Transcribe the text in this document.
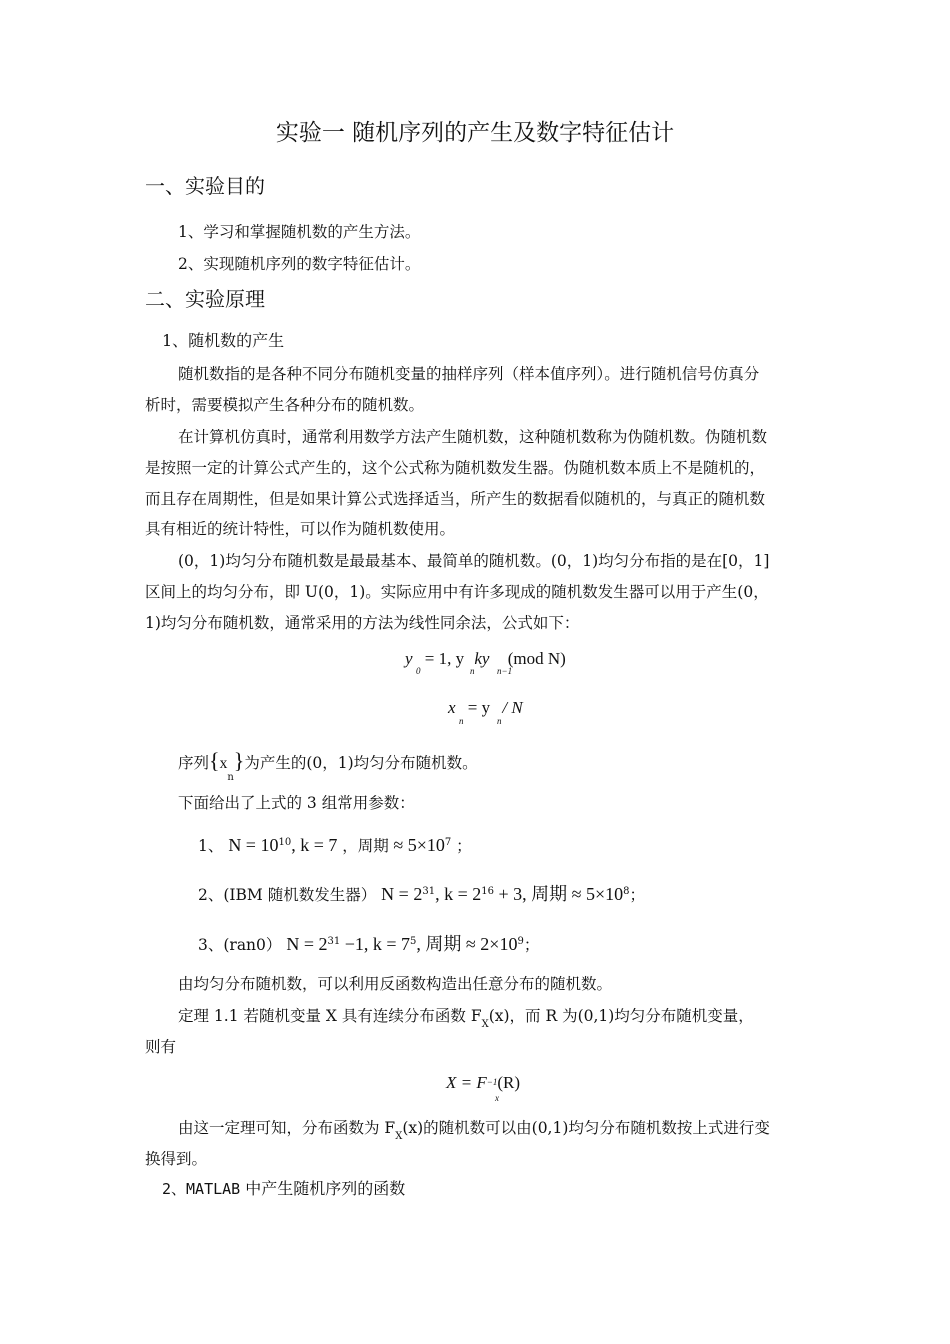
实验一 随机序列的产生及数字特征估计
一、实验目的
1、学习和掌握随机数的产生方法。
2、实现随机序列的数字特征估计。
二、实验原理
1、随机数的产生
随机数指的是各种不同分布随机变量的抽样序列（样本值序列）。进行随机信号仿真分
析时，需要模拟产生各种分布的随机数。
在计算机仿真时，通常利用数学方法产生随机数，这种随机数称为伪随机数。伪随机数
是按照一定的计算公式产生的，这个公式称为随机数发生器。伪随机数本质上不是随机的，
而且存在周期性，但是如果计算公式选择适当，所产生的数据看似随机的，与真正的随机数
具有相近的统计特性，可以作为随机数使用。
(0，1)均匀分布随机数是最最基本、最简单的随机数。(0，1)均匀分布指的是在[0，1]
区间上的均匀分布，即 U(0，1)。实际应用中有许多现成的随机数发生器可以用于产生(0，
1)均匀分布随机数，通常采用的方法为线性同余法，公式如下：
y
0
= 1, y
n
ky
n−1
(mod N)
x
n
= y
n
/ N
序列$\{x_n\}$为产生的(0，1)均匀分布随机数。
下面给出了上式的 3 组常用参数：
1、 $N = 10^{10}$, k = 7 ，周期 ≈ $5\times 10^7$ ；
2、(IBM 随机数发生器） $N = 2^{31}$, $k = 2^{16} + 3$, 周期 ≈ $5\times 10^8$；
3、(ran0） $N = 2^{31} -1$, $k = 7^5$, 周期 ≈ $2\times 10^9$；
由均匀分布随机数，可以利用反函数构造出任意分布的随机数。
定理 1.1 若随机变量 X 具有连续分布函数 $F_X(x)$，而 R 为(0,1)均匀分布随机变量，
则有
X = F−1(R)
x
由这一定理可知，分布函数为 $F_X(x)$的随机数可以由(0,1)均匀分布随机数按上式进行变
换得到。
2、MATLAB 中产生随机序列的函数
